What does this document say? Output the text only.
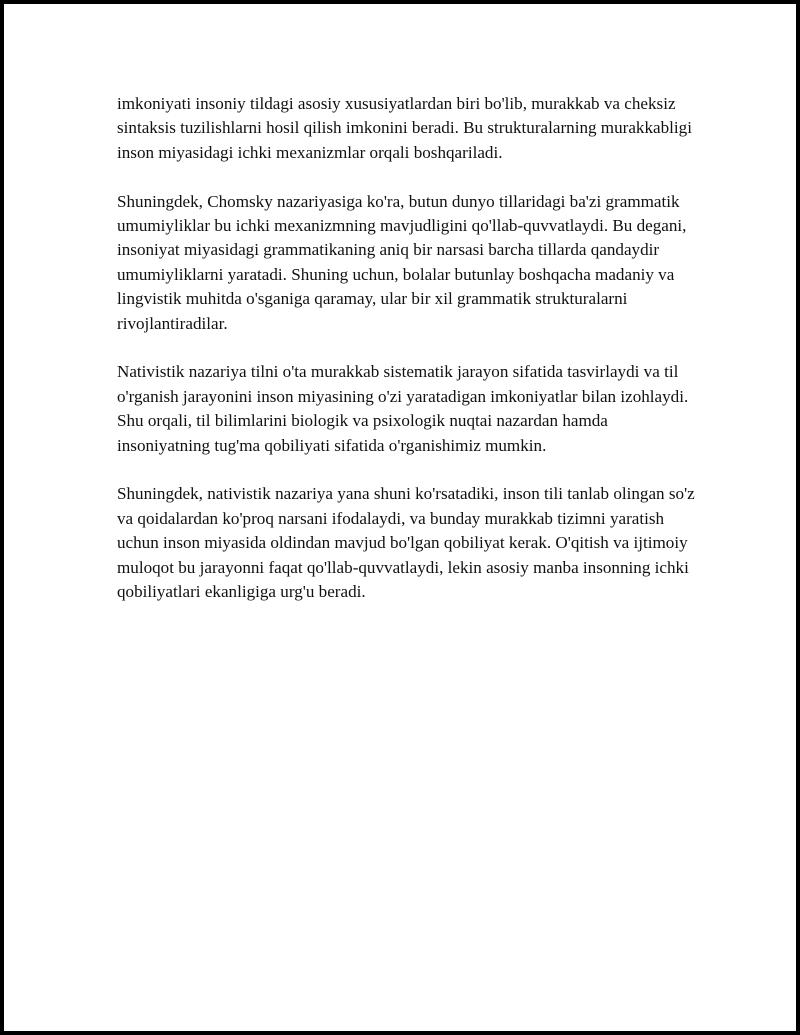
imkoniyati insoniy tildagi asosiy xususiyatlardan biri bo'lib, murakkab va cheksiz sintaksis tuzilishlarni hosil qilish imkonini beradi. Bu strukturalarning murakkabligi inson miyasidagi ichki mexanizmlar orqali boshqariladi.

Shuningdek, Chomsky nazariyasiga ko'ra, butun dunyo tillaridagi ba'zi grammatik umumiyliklar bu ichki mexanizmning mavjudligini qo'llab-quvvatlaydi. Bu degani, insoniyat miyasidagi grammatikaning aniq bir narsasi barcha tillarda qandaydir umumiyliklarni yaratadi. Shuning uchun, bolalar butunlay boshqacha madaniy va lingvistik muhitda o'sganiga qaramay, ular bir xil grammatik strukturalarni rivojlantiradilar.

Nativistik nazariya tilni o'ta murakkab sistematik jarayon sifatida tasvirlaydi va til o'rganish jarayonini inson miyasining o'zi yaratadigan imkoniyatlar bilan izohlaydi. Shu orqali, til bilimlarini biologik va psixologik nuqtai nazardan hamda insoniyatning tug'ma qobiliyati sifatida o'rganishimiz mumkin.

Shuningdek, nativistik nazariya yana shuni ko'rsatadiki, inson tili tanlab olingan so'z va qoidalardan ko'proq narsani ifodalaydi, va bunday murakkab tizimni yaratish uchun inson miyasida oldindan mavjud bo'lgan qobiliyat kerak. O'qitish va ijtimoiy muloqot bu jarayonni faqat qo'llab-quvvatlaydi, lekin asosiy manba insonning ichki qobiliyatlari ekanligiga urg'u beradi.
